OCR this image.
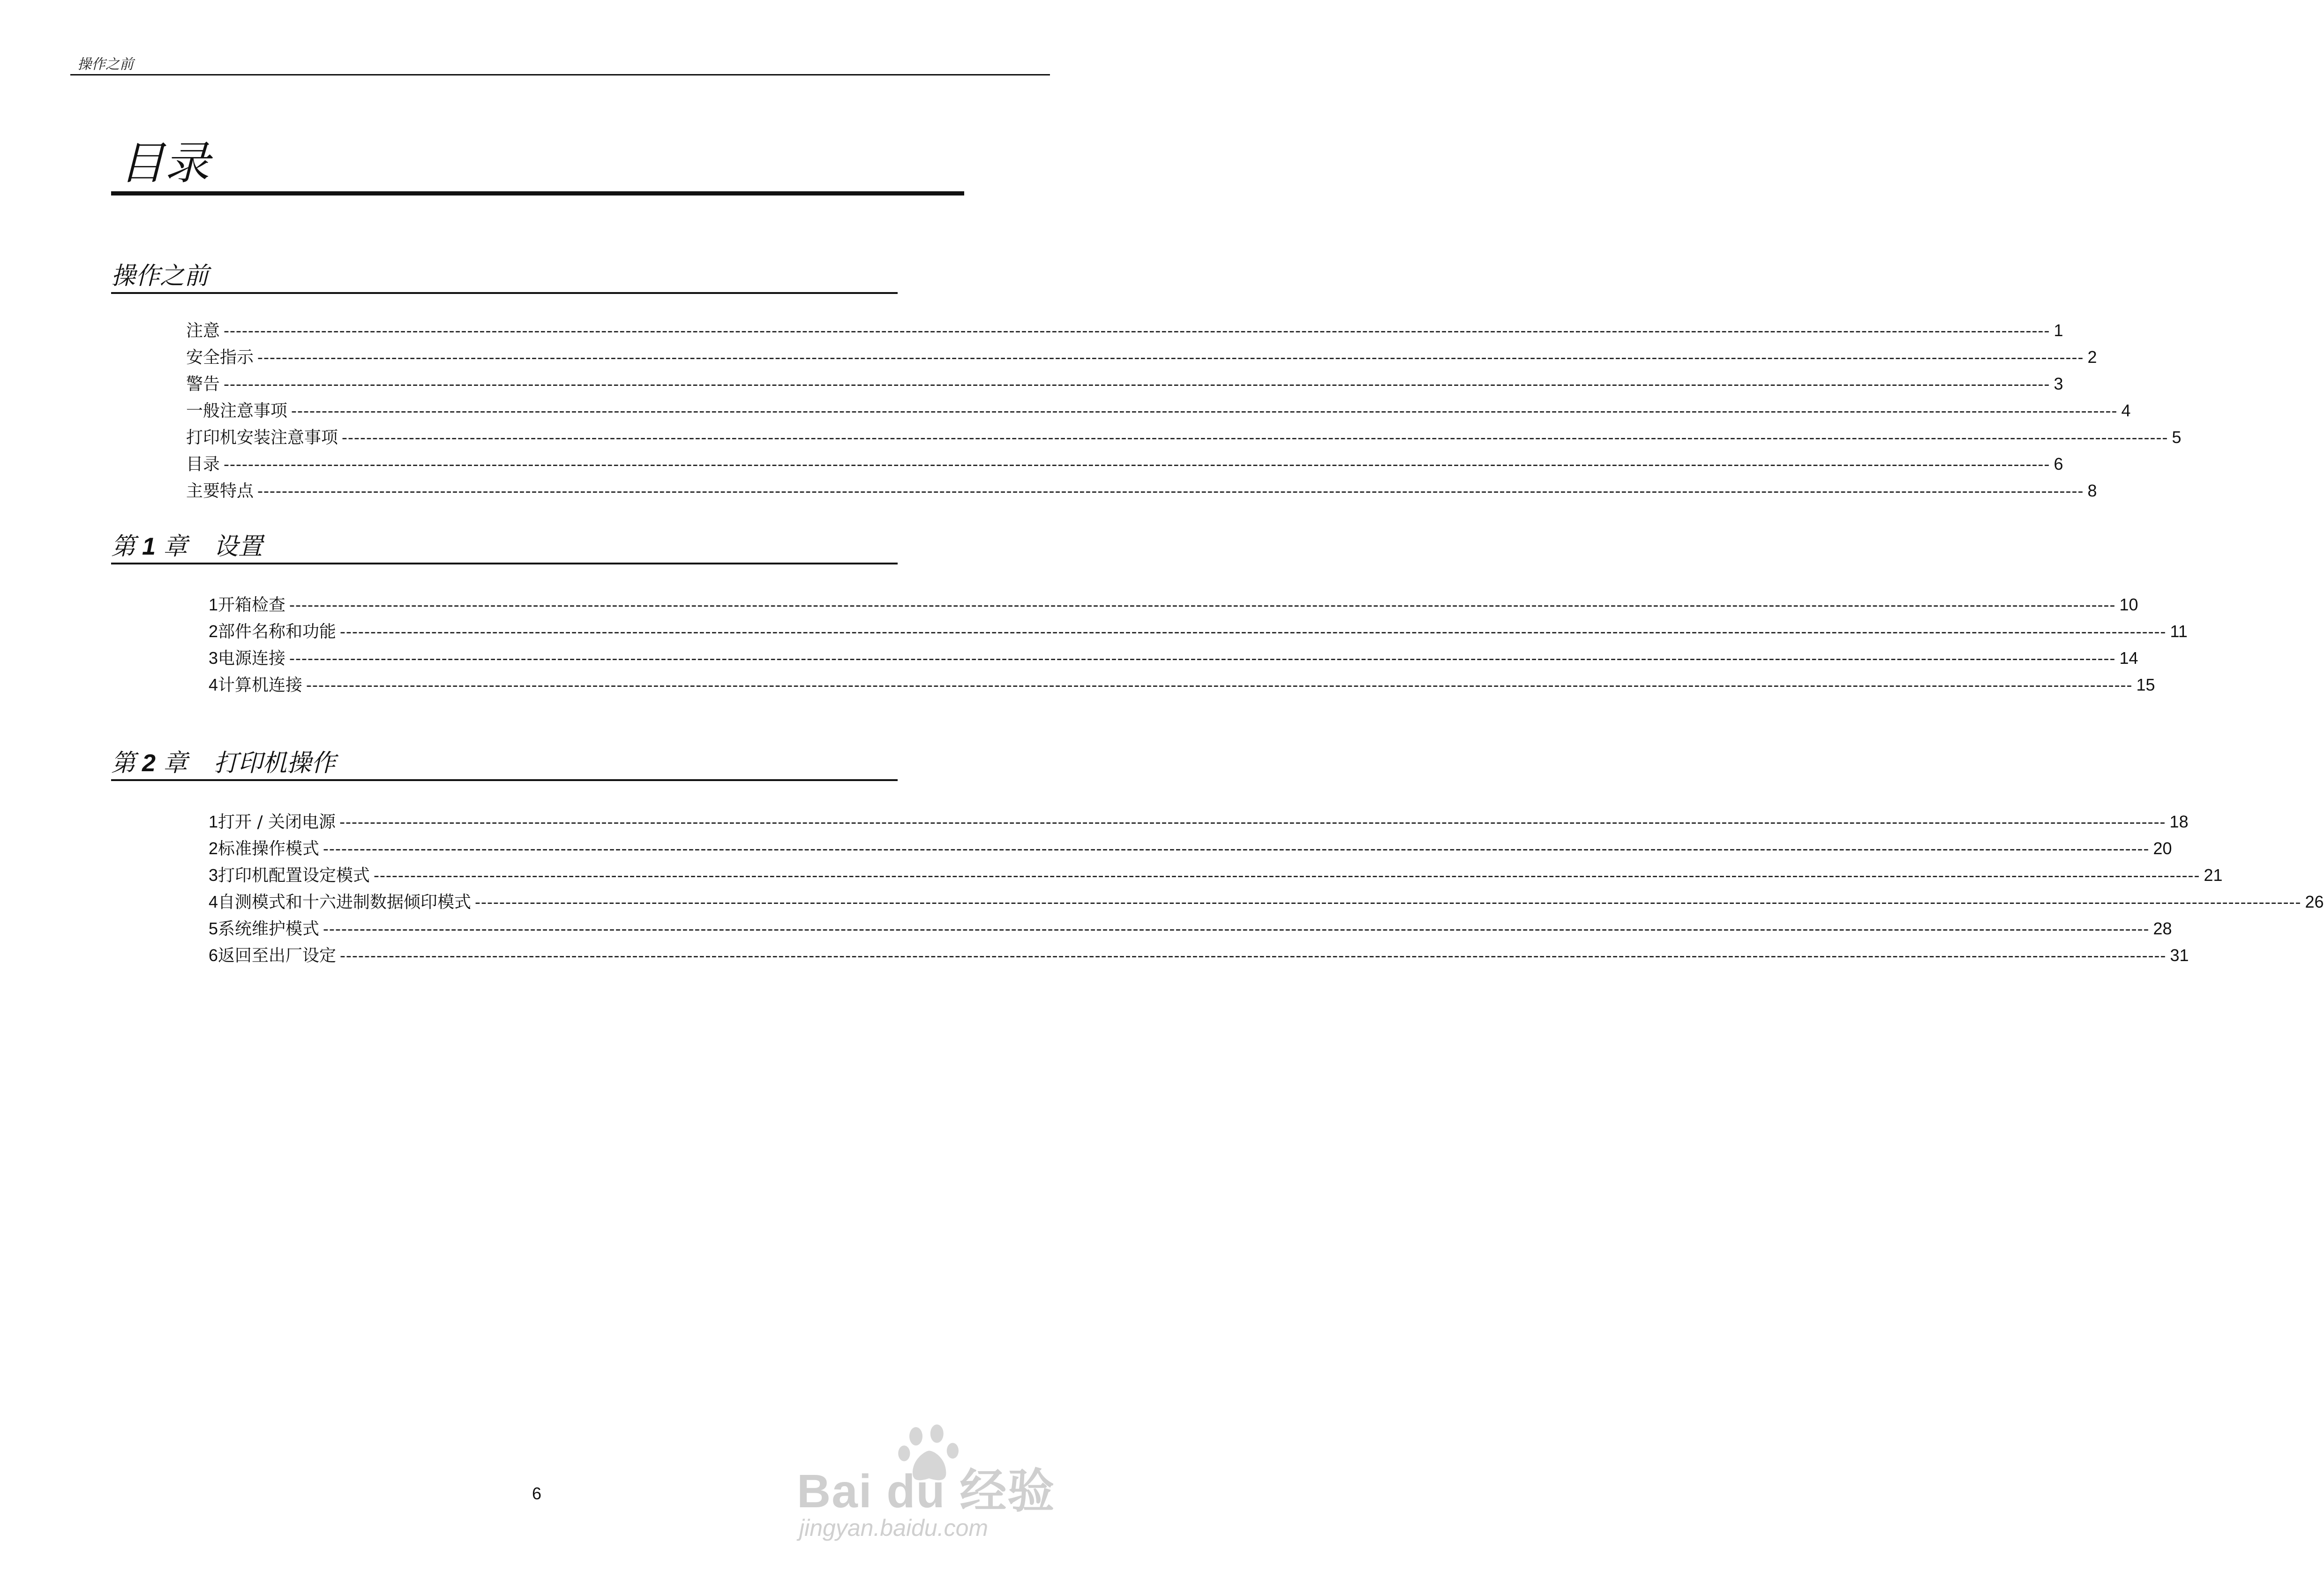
操作之前
目录
操作之前
注意 ------------------------------------------------------------------------------------------------------------------------------------------------------------------------------------------------------------------------------------------------------------------------------------------------------------ 1
安全指示 ------------------------------------------------------------------------------------------------------------------------------------------------------------------------------------------------------------------------------------------------------------------------------------------------------------ 2
警告 ------------------------------------------------------------------------------------------------------------------------------------------------------------------------------------------------------------------------------------------------------------------------------------------------------------ 3
一般注意事项 ------------------------------------------------------------------------------------------------------------------------------------------------------------------------------------------------------------------------------------------------------------------------------------------------------------ 4
打印机安装注意事项 ------------------------------------------------------------------------------------------------------------------------------------------------------------------------------------------------------------------------------------------------------------------------------------------------------------ 5
目录 ------------------------------------------------------------------------------------------------------------------------------------------------------------------------------------------------------------------------------------------------------------------------------------------------------------ 6
主要特点 ------------------------------------------------------------------------------------------------------------------------------------------------------------------------------------------------------------------------------------------------------------------------------------------------------------ 8
第 1 章 设置
1 开箱检查 ------------------------------------------------------------------------------------------------------------------------------------------------------------------------------------------------------------------------------------------------------------------------------------------------------------ 10
2 部件名称和功能 ------------------------------------------------------------------------------------------------------------------------------------------------------------------------------------------------------------------------------------------------------------------------------------------------------------ 11
3 电源连接 ------------------------------------------------------------------------------------------------------------------------------------------------------------------------------------------------------------------------------------------------------------------------------------------------------------ 14
4 计算机连接 ------------------------------------------------------------------------------------------------------------------------------------------------------------------------------------------------------------------------------------------------------------------------------------------------------------ 15
第 2 章 打印机操作
1 打开 / 关闭电源 ------------------------------------------------------------------------------------------------------------------------------------------------------------------------------------------------------------------------------------------------------------------------------------------------------------ 18
2 标准操作模式 ------------------------------------------------------------------------------------------------------------------------------------------------------------------------------------------------------------------------------------------------------------------------------------------------------------ 20
3 打印机配置设定模式 ------------------------------------------------------------------------------------------------------------------------------------------------------------------------------------------------------------------------------------------------------------------------------------------------------------ 21
4 自测模式和十六进制数据倾印模式 ------------------------------------------------------------------------------------------------------------------------------------------------------------------------------------------------------------------------------------------------------------------------------------------------------------ 26
5 系统维护模式 ------------------------------------------------------------------------------------------------------------------------------------------------------------------------------------------------------------------------------------------------------------------------------------------------------------ 28
6 返回至出厂设定 ------------------------------------------------------------------------------------------------------------------------------------------------------------------------------------------------------------------------------------------------------------------------------------------------------------ 31
6	Bai du 经验
jingyan.baidu.com
